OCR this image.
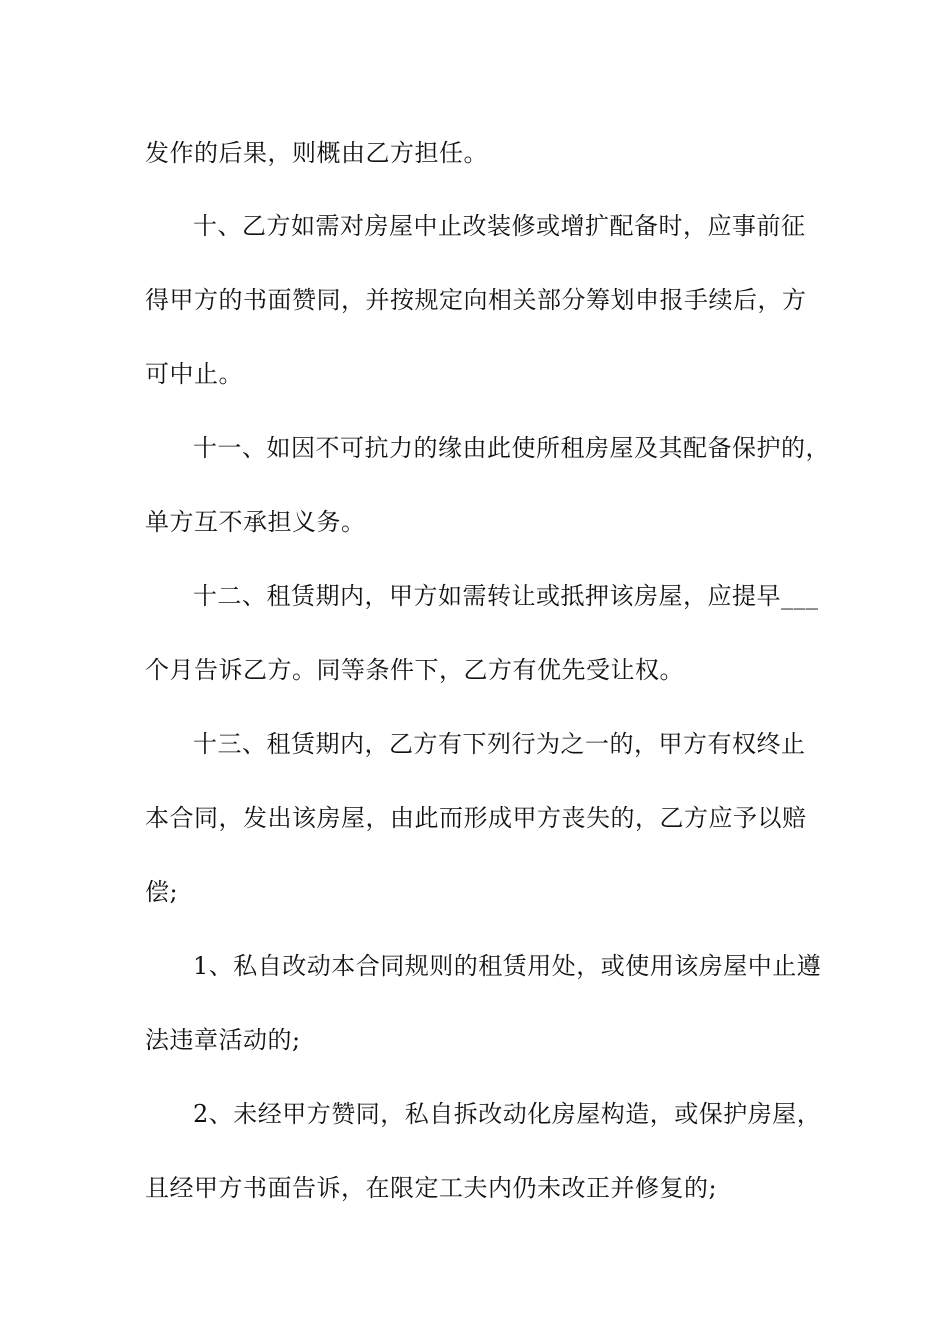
发作的后果，则概由乙方担任。
十、乙方如需对房屋中止改装修或增扩配备时，应事前征
得甲方的书面赞同，并按规定向相关部分筹划申报手续后，方
可中止。
十一、如因不可抗力的缘由此使所租房屋及其配备保护的，
单方互不承担义务。
十二、租赁期内，甲方如需转让或抵押该房屋，应提早___
个月告诉乙方。同等条件下，乙方有优先受让权。
十三、租赁期内，乙方有下列行为之一的，甲方有权终止
本合同，发出该房屋，由此而形成甲方丧失的，乙方应予以赔
偿;
1、私自改动本合同规则的租赁用处，或使用该房屋中止遵
法违章活动的;
2、未经甲方赞同，私自拆改动化房屋构造，或保护房屋，
且经甲方书面告诉，在限定工夫内仍未改正并修复的;
